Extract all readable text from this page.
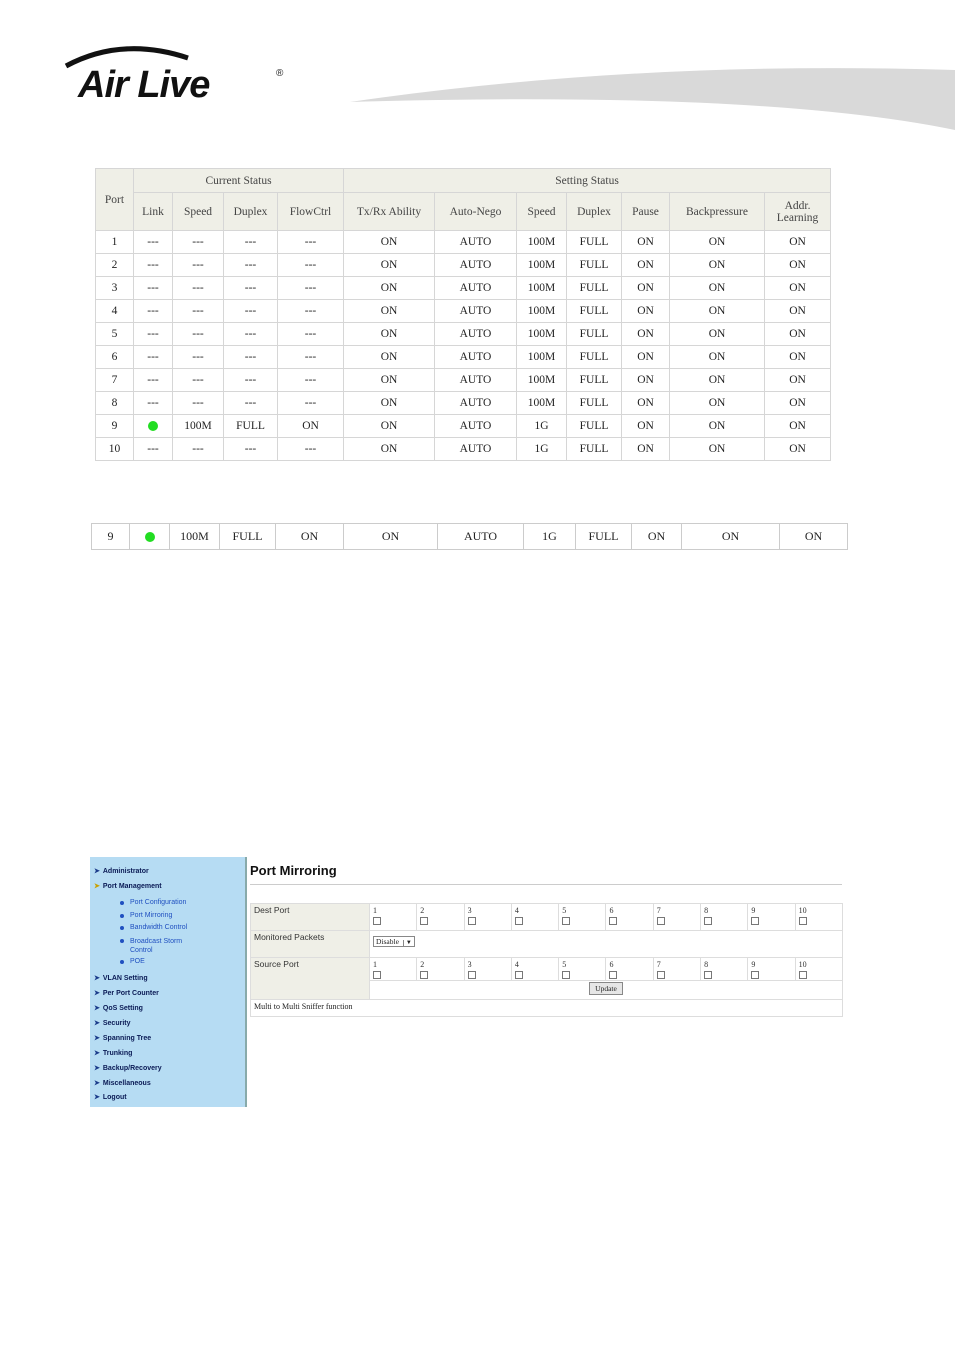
Air Live	®
Port	Current Status				Setting Status						
	Link	Speed	Duplex	FlowCtrl	Tx/Rx Ability	Auto-Nego	Speed	Duplex	Pause	Backpressure	Addr. Learning
1	---	---	---	---	ON	AUTO	100M	FULL	ON	ON	ON
2	---	---	---	---	ON	AUTO	100M	FULL	ON	ON	ON
3	---	---	---	---	ON	AUTO	100M	FULL	ON	ON	ON
4	---	---	---	---	ON	AUTO	100M	FULL	ON	ON	ON
5	---	---	---	---	ON	AUTO	100M	FULL	ON	ON	ON
6	---	---	---	---	ON	AUTO	100M	FULL	ON	ON	ON
7	---	---	---	---	ON	AUTO	100M	FULL	ON	ON	ON
8	---	---	---	---	ON	AUTO	100M	FULL	ON	ON	ON
9		100M	FULL	ON	ON	AUTO	1G	FULL	ON	ON	ON
10	---	---	---	---	ON	AUTO	1G	FULL	ON	ON	ON
9		100M	FULL	ON	ON	AUTO	1G	FULL	ON	ON	ON
➤ Administrator
➤ Port Management
Port Configuration
Port Mirroring
Bandwidth Control
Broadcast Storm Control
POE
➤ VLAN Setting
➤ Per Port Counter
➤ QoS Setting
➤ Security
➤ Spanning Tree
➤ Trunking
➤ Backup/Recovery
➤ Miscellaneous
➤ Logout
Port Mirroring
Dest Port	1	2	3	4	5	6	7	8	9	10

Monitored Packets	Disable ▼									
Source Port	1	2	3	4	5	6	7	8	9	10

	Update									
Multi to Multi Sniffer function										
